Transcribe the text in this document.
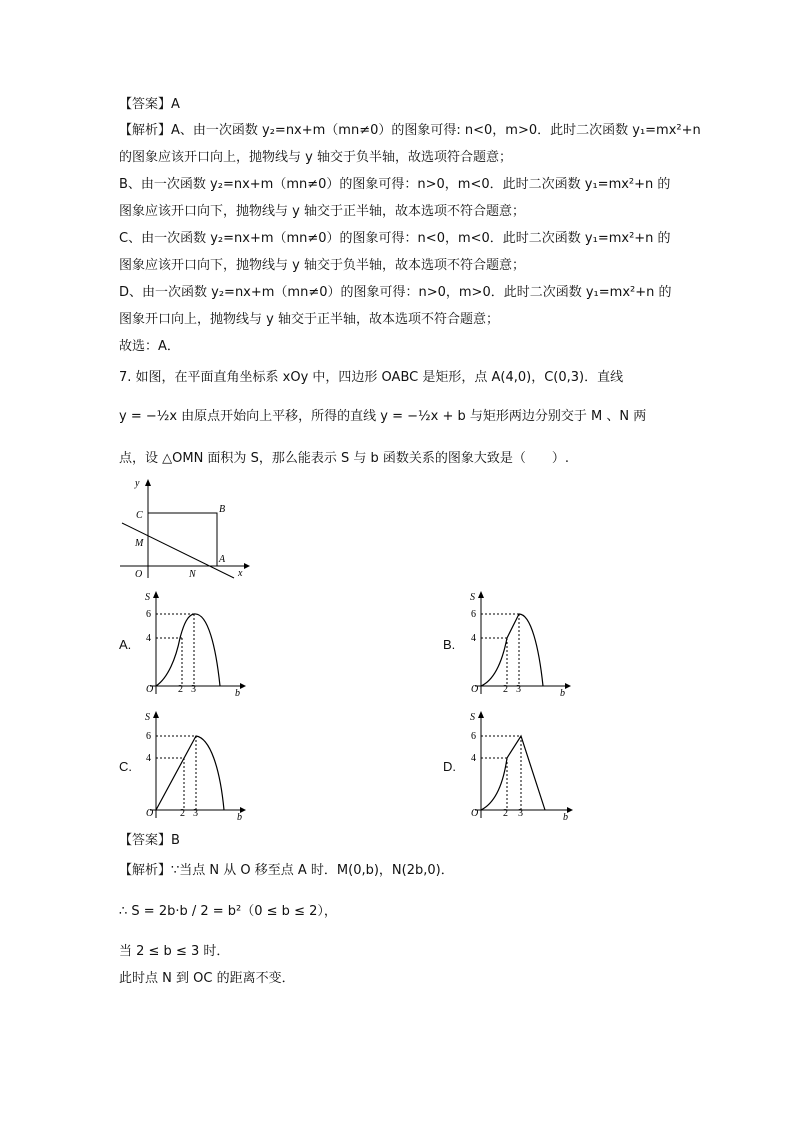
【答案】A
【解析】A、由一次函数 y₂=nx+m（mn≠0）的图象可得: n<0，m>0．此时二次函数 y₁=mx²+n
的图象应该开口向上，抛物线与 y 轴交于负半轴，故选项符合题意；
B、由一次函数 y₂=nx+m（mn≠0）的图象可得：n>0，m<0．此时二次函数 y₁=mx²+n 的
图象应该开口向下，抛物线与 y 轴交于正半轴，故本选项不符合题意；
C、由一次函数 y₂=nx+m（mn≠0）的图象可得：n<0，m<0．此时二次函数 y₁=mx²+n 的
图象应该开口向下，抛物线与 y 轴交于负半轴，故本选项不符合题意；
D、由一次函数 y₂=nx+m（mn≠0）的图象可得：n>0，m>0．此时二次函数 y₁=mx²+n 的
图象开口向上，抛物线与 y 轴交于正半轴，故本选项不符合题意；
故选：A．
7. 如图，在平面直角坐标系 xOy 中，四边形 OABC 是矩形，点 A(4,0)，C(0,3)．直线
y = −½x 由原点开始向上平移，所得的直线 y = −½x + b 与矩形两边分别交于 M 、N 两
点，设 △OMN 面积为 S，那么能表示 S 与 b 函数关系的图象大致是（　　）.
y
x
O
B
C
A
M
N
A.	B.
C.	D.
S
6
4
O 2 3	b
S
6
4
O 2 3	b
S
6
4
O	2 3	b
S
6
4
O 2 3	b
【答案】B
【解析】∵当点 N 从 O 移至点 A 时．M(0,b)，N(2b,0)．
∴ S = 2b·b / 2 = b²（0 ≤ b ≤ 2），
当 2 ≤ b ≤ 3 时．
此时点 N 到 OC 的距离不变．
